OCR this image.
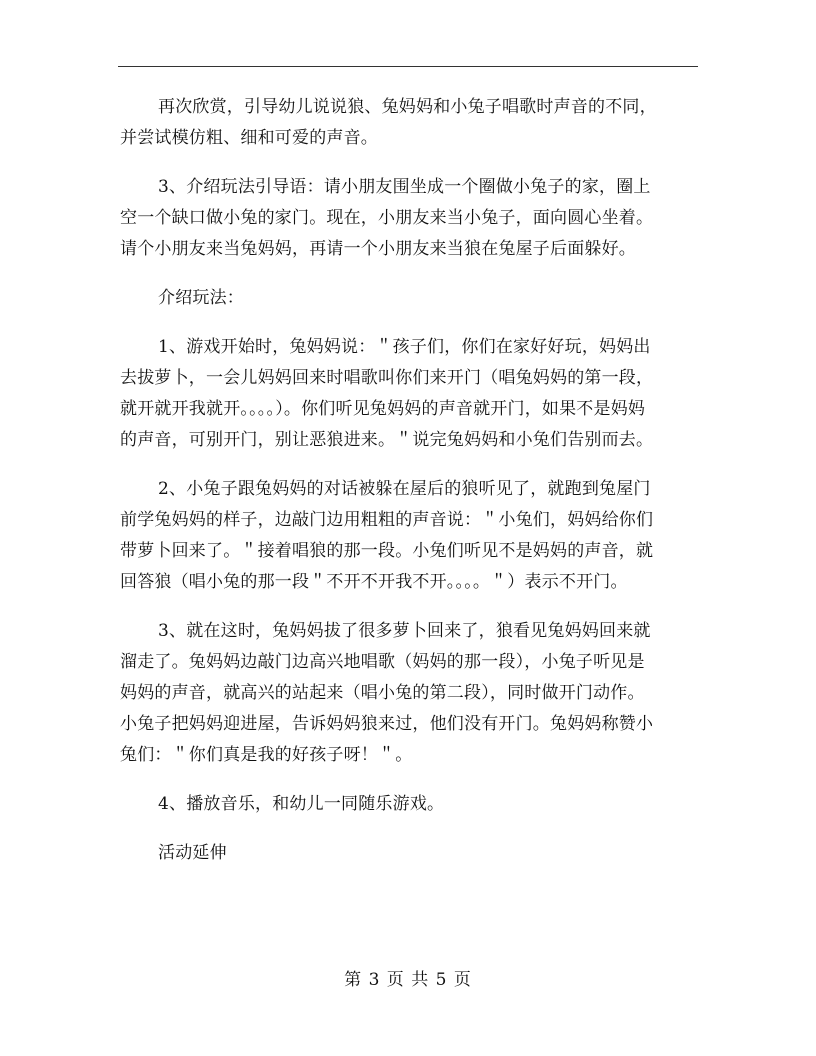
再次欣赏，引导幼儿说说狼、兔妈妈和小兔子唱歌时声音的不同，
并尝试模仿粗、细和可爱的声音。
3、介绍玩法引导语：请小朋友围坐成一个圈做小兔子的家，圈上
空一个缺口做小兔的家门。现在，小朋友来当小兔子，面向圆心坐着。
请个小朋友来当兔妈妈，再请一个小朋友来当狼在兔屋子后面躲好。
介绍玩法：
1、游戏开始时，兔妈妈说：＂孩子们，你们在家好好玩，妈妈出
去拔萝卜，一会儿妈妈回来时唱歌叫你们来开门（唱兔妈妈的第一段，
就开就开我就开。。。。）。你们听见兔妈妈的声音就开门，如果不是妈妈
的声音，可别开门，别让恶狼进来。＂说完兔妈妈和小兔们告别而去。
2、小兔子跟兔妈妈的对话被躲在屋后的狼听见了，就跑到兔屋门
前学兔妈妈的样子，边敲门边用粗粗的声音说：＂小兔们，妈妈给你们
带萝卜回来了。＂接着唱狼的那一段。小兔们听见不是妈妈的声音，就
回答狼（唱小兔的那一段＂不开不开我不开。。。。＂）表示不开门。
3、就在这时，兔妈妈拔了很多萝卜回来了，狼看见兔妈妈回来就
溜走了。兔妈妈边敲门边高兴地唱歌（妈妈的那一段），小兔子听见是
妈妈的声音，就高兴的站起来（唱小兔的第二段），同时做开门动作。
小兔子把妈妈迎进屋，告诉妈妈狼来过，他们没有开门。兔妈妈称赞小
兔们：＂你们真是我的好孩子呀！＂。
4、播放音乐，和幼儿一同随乐游戏。
活动延伸
第 3 页 共 5 页
